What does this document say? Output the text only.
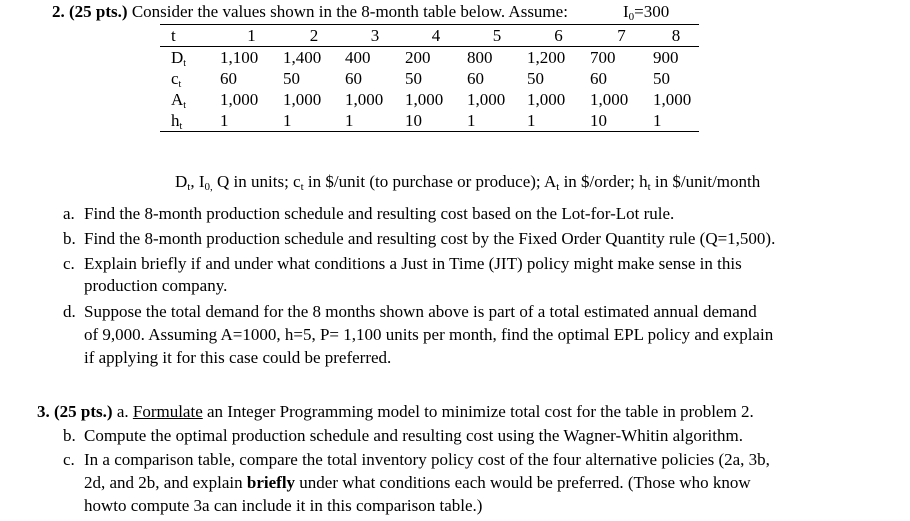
2. (25 pts.) Consider the values shown in the 8-month table below. Assume:	$I_0=300$
t	1	2	3	4	5	6	7	8
$D_t$	1,100	1,400	400	200	800	1,200	700	900
$c_t$	60	50	60	50	60	50	60	50
$A_t$	1,000	1,000	1,000	1,000	1,000	1,000	1,000	1,000
$h_t$	1	1	1	10	1	1	10	1
$D_t$, $I_{0,}$ Q in units; $c_t$ in $/unit (to purchase or produce); $A_t$ in $/order; $h_t$ in $/unit/month
a. Find the 8-month production schedule and resulting cost based on the Lot-for-Lot rule.
b. Find the 8-month production schedule and resulting cost by the Fixed Order Quantity rule (Q=1,500).
c. Explain briefly if and under what conditions a Just in Time (JIT) policy might make sense in this
production company.
d. Suppose the total demand for the 8 months shown above is part of a total estimated annual demand
of 9,000. Assuming A=1000, h=5, P= 1,100 units per month, find the optimal EPL policy and explain
if applying it for this case could be preferred.
3. (25 pts.) a. Formulate an Integer Programming model to minimize total cost for the table in problem 2.
b. Compute the optimal production schedule and resulting cost using the Wagner-Whitin algorithm.
c. In a comparison table, compare the total inventory policy cost of the four alternative policies (2a, 3b,
2d, and 2b, and explain briefly under what conditions each would be preferred. (Those who know
howto compute 3a can include it in this comparison table.)
